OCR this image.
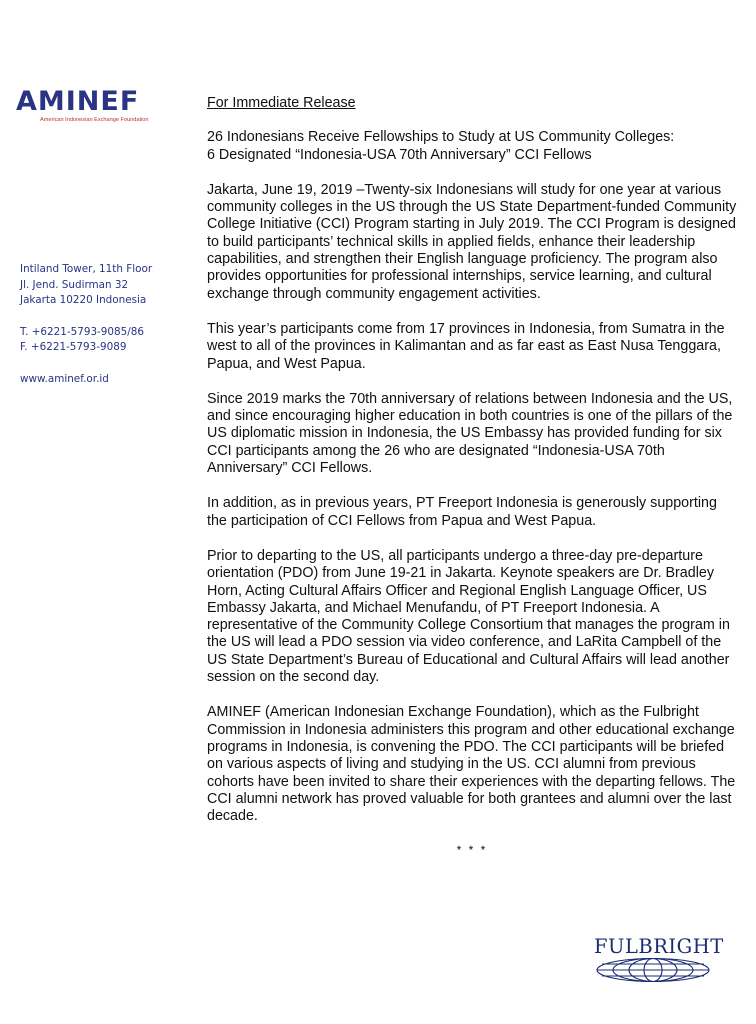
AMINEF
American Indonesian Exchange Foundation
Intiland Tower, 11th Floor
Jl. Jend. Sudirman 32
Jakarta 10220 Indonesia
T. +6221-5793-9085/86
F. +6221-5793-9089
www.aminef.or.id

For Immediate Release

26 Indonesians Receive Fellowships to Study at US Community Colleges:
6 Designated “Indonesia-USA 70th Anniversary” CCI Fellows

Jakarta, June 19, 2019 –Twenty-six Indonesians will study for one year at various community colleges in the US through the US State Department-funded Community College Initiative (CCI) Program starting in July 2019. The CCI Program is designed to build participants’ technical skills in applied fields, enhance their leadership capabilities, and strengthen their English language proficiency. The program also provides opportunities for professional internships, service learning, and cultural exchange through community engagement activities.

This year’s participants come from 17 provinces in Indonesia, from Sumatra in the west to all of the provinces in Kalimantan and as far east as East Nusa Tenggara, Papua, and West Papua.

Since 2019 marks the 70th anniversary of relations between Indonesia and the US, and since encouraging higher education in both countries is one of the pillars of the US diplomatic mission in Indonesia, the US Embassy has provided funding for six CCI participants among the 26 who are designated “Indonesia-USA 70th Anniversary” CCI Fellows.

In addition, as in previous years, PT Freeport Indonesia is generously supporting the participation of CCI Fellows from Papua and West Papua.

Prior to departing to the US, all participants undergo a three-day pre-departure orientation (PDO) from June 19-21 in Jakarta. Keynote speakers are Dr. Bradley Horn, Acting Cultural Affairs Officer and Regional English Language Officer, US Embassy Jakarta, and Michael Menufandu, of PT Freeport Indonesia. A representative of the Community College Consortium that manages the program in the US will lead a PDO session via video conference, and LaRita Campbell of the US State Department’s Bureau of Educational and Cultural Affairs will lead another session on the second day.

AMINEF (American Indonesian Exchange Foundation), which as the Fulbright Commission in Indonesia administers this program and other educational exchange programs in Indonesia, is convening the PDO. The CCI participants will be briefed on various aspects of living and studying in the US. CCI alumni from previous cohorts have been invited to share their experiences with the departing fellows. The CCI alumni network has proved valuable for both grantees and alumni over the last decade.

* * *

FULBRIGHT
